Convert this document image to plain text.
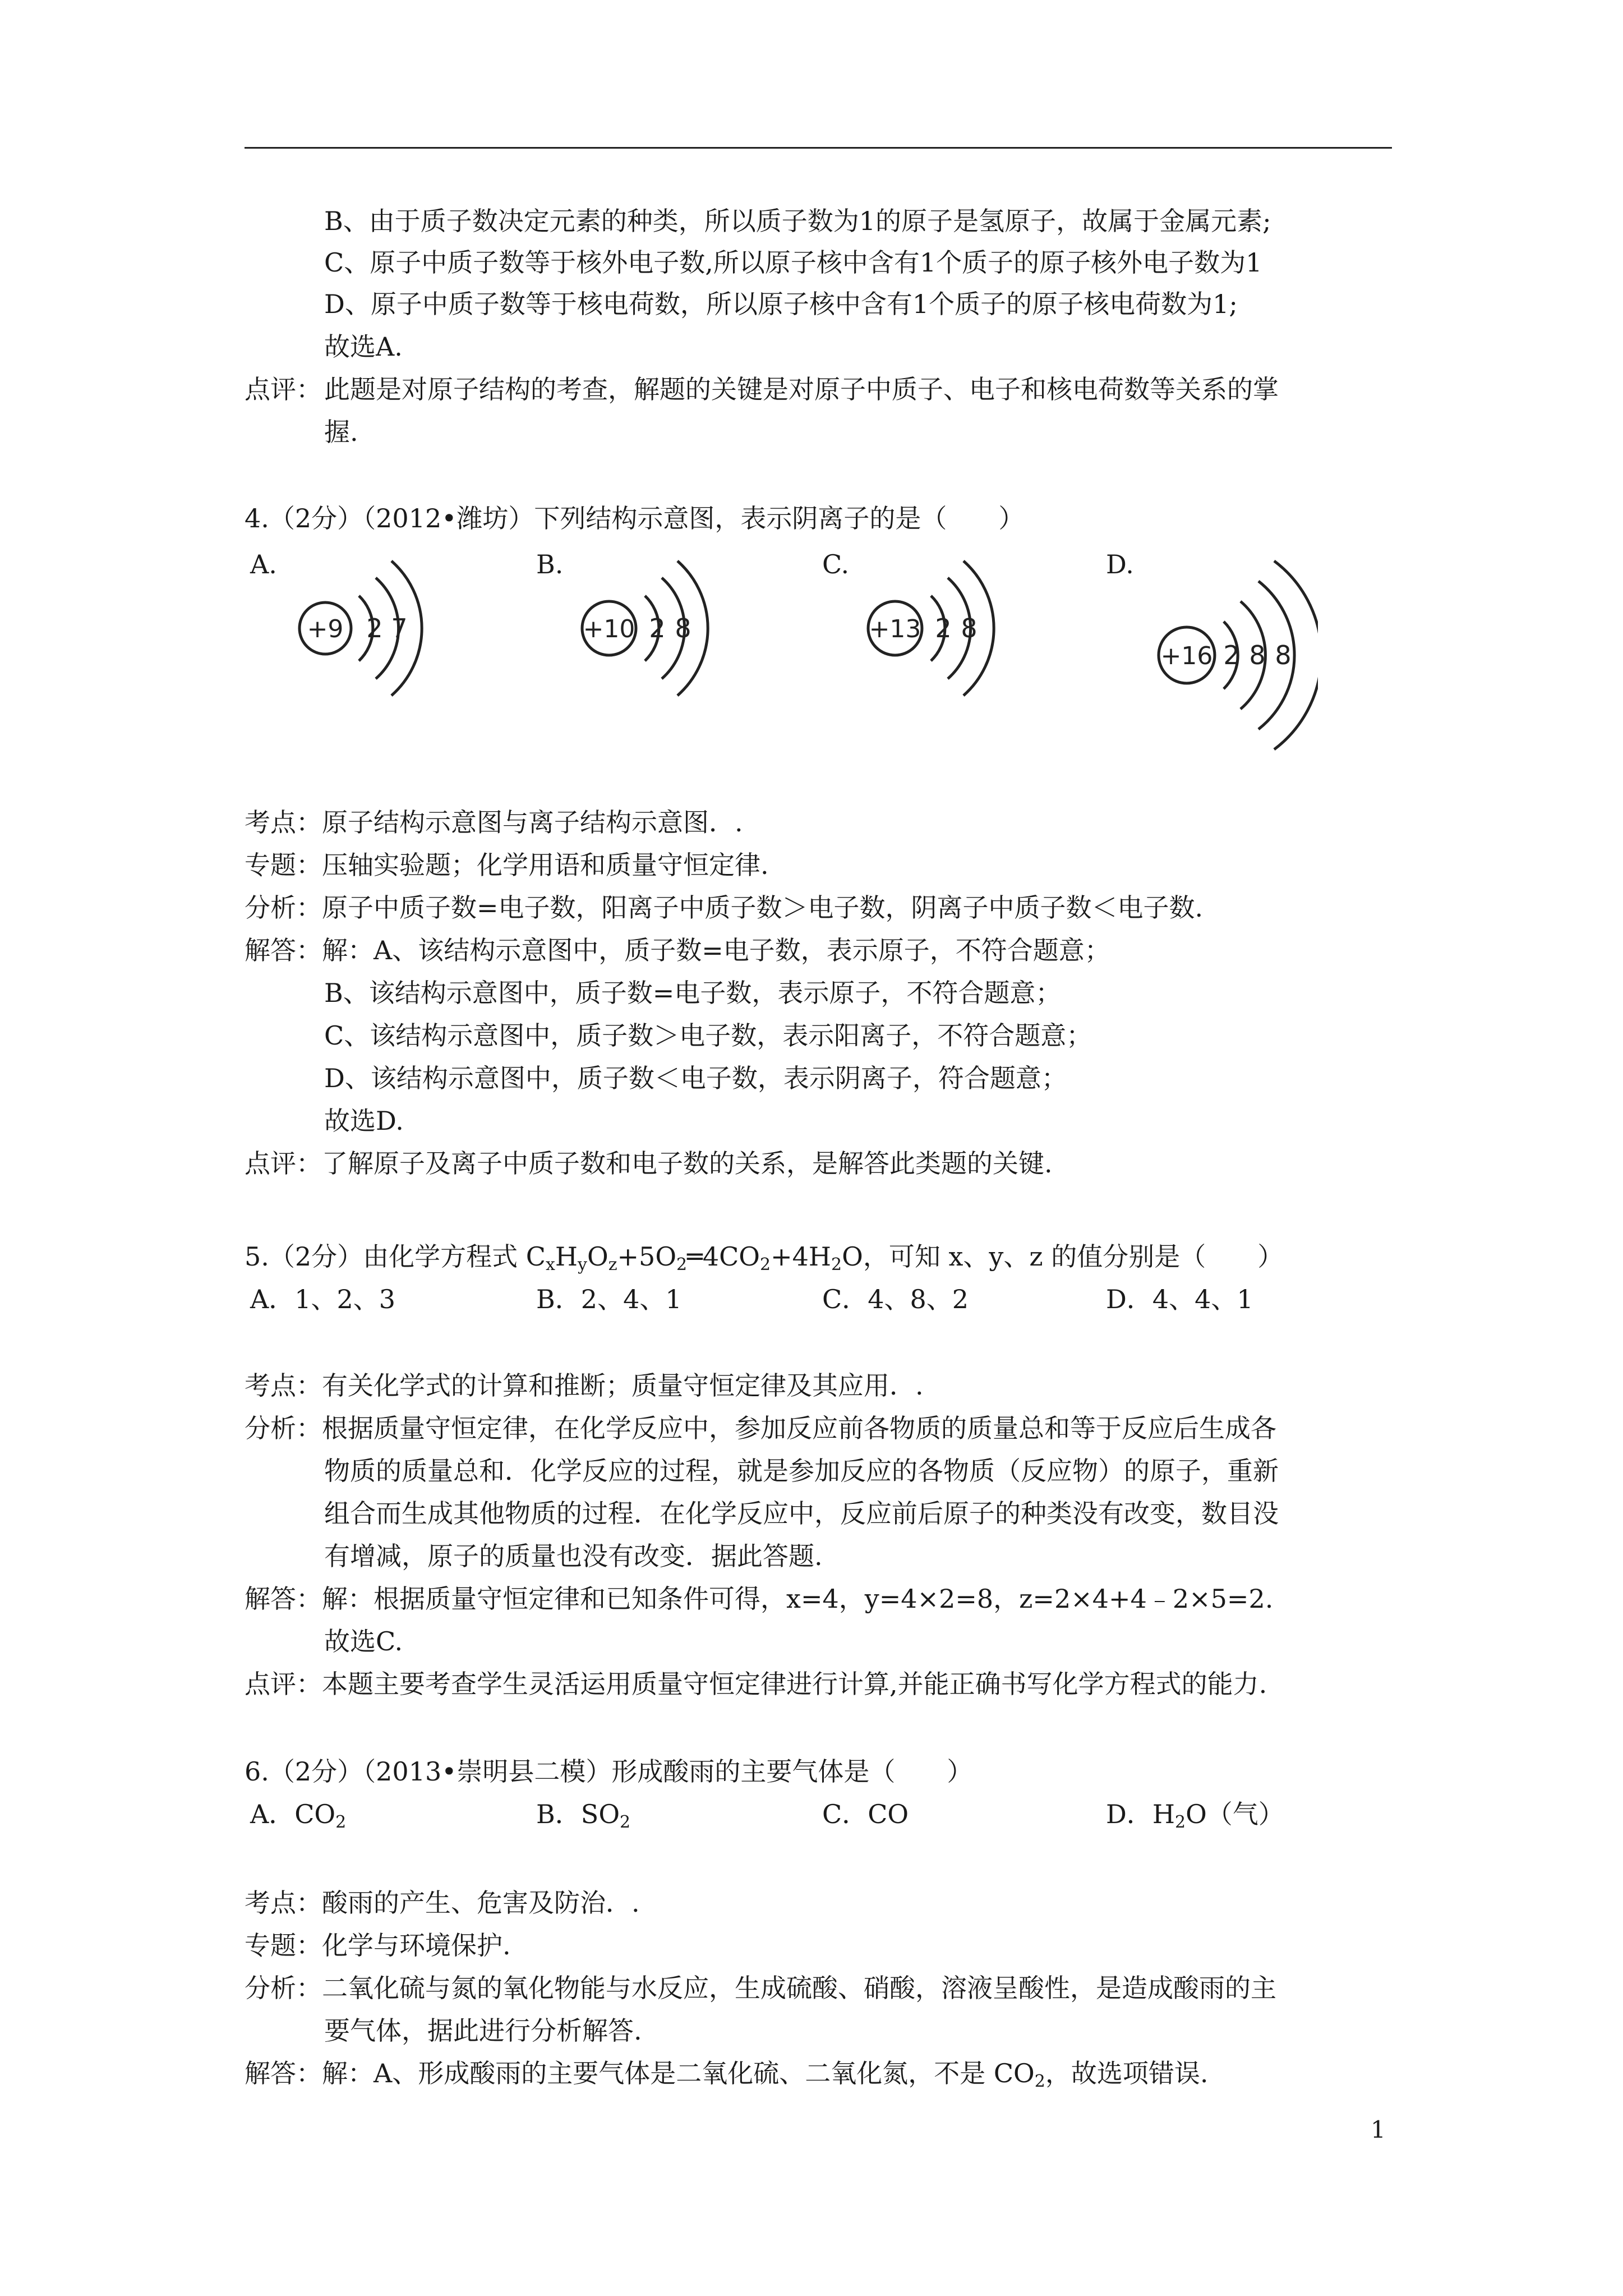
B、由于质子数决定元素的种类，所以质子数为1的原子是氢原子，故属于金属元素;
C、原子中质子数等于核外电子数,所以原子核中含有1个质子的原子核外电子数为1
D、原子中质子数等于核电荷数，所以原子核中含有1个质子的原子核电荷数为1;
故选A.
点评： 此题是对原子结构的考查，解题的关键是对原子中质子、电子和核电荷数等关系的掌
握.
4.（2分）（2012•潍坊）下列结构示意图，表示阴离子的是（　　）
A.	B.	C.	D.
+9 2 7	+10 2 8	+13 2 8
+16 2 8 8
考点：原子结构示意图与离子结构示意图．.
专题：压轴实验题；化学用语和质量守恒定律.
分析：原子中质子数=电子数，阳离子中质子数＞电子数，阴离子中质子数＜电子数.
解答：解：A、该结构示意图中，质子数=电子数，表示原子，不符合题意；
B、该结构示意图中，质子数=电子数，表示原子，不符合题意；
C、该结构示意图中，质子数＞电子数，表示阳离子，不符合题意；
D、该结构示意图中，质子数＜电子数，表示阴离子，符合题意；
故选D.
点评：了解原子及离子中质子数和电子数的关系，是解答此类题的关键.
5.（2分）由化学方程式 $C_xH_yO_z+5O_2═4CO_2+4H_2O$，可知 x、y、z 的值分别是（　　）
A．1、2、3	B．2、4、1	C．4、8、2	D．4、4、1
考点：有关化学式的计算和推断；质量守恒定律及其应用．.
分析：根据质量守恒定律，在化学反应中，参加反应前各物质的质量总和等于反应后生成各
物质的质量总和．化学反应的过程，就是参加反应的各物质（反应物）的原子，重新
组合而生成其他物质的过程．在化学反应中，反应前后原子的种类没有改变，数目没
有增减，原子的质量也没有改变．据此答题.
解答：解：根据质量守恒定律和已知条件可得，x=4，y=4×2=8，z=2×4+4﹣2×5=2.
故选C.
点评：本题主要考查学生灵活运用质量守恒定律进行计算,并能正确书写化学方程式的能力.
6.（2分）（2013•崇明县二模）形成酸雨的主要气体是（　　）
A．$CO_2$	B．$SO_2$	C．CO	D．$H_2O$（气）
考点：酸雨的产生、危害及防治．.
专题：化学与环境保护.
分析：二氧化硫与氮的氧化物能与水反应，生成硫酸、硝酸，溶液呈酸性，是造成酸雨的主
要气体，据此进行分析解答.
解答：解：A、形成酸雨的主要气体是二氧化硫、二氧化氮，不是 $CO_2$，故选项错误.
1
